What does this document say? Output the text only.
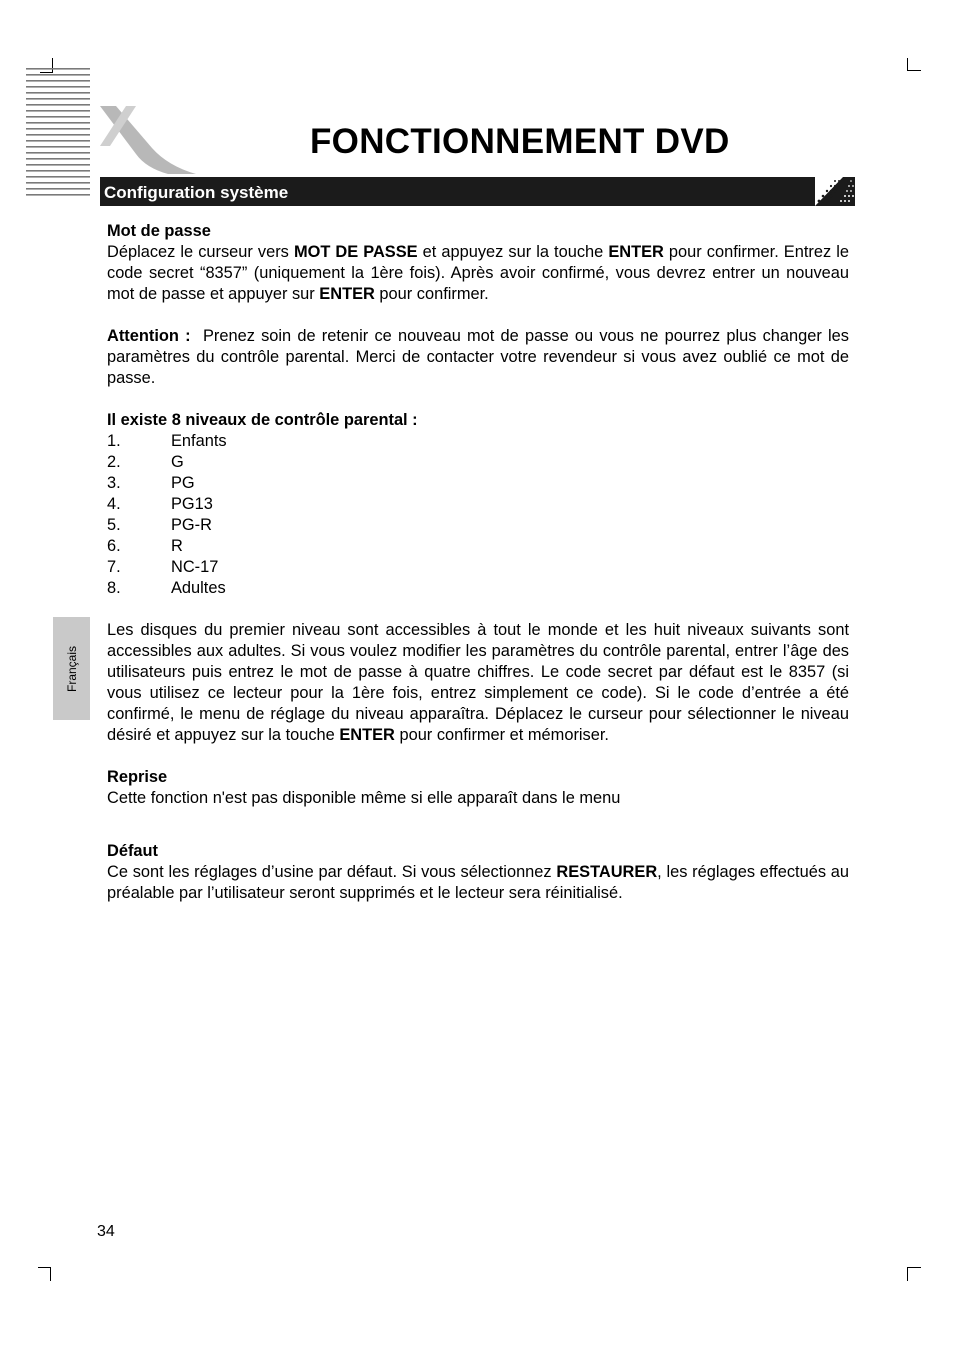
FONCTIONNEMENT DVD
Configuration système
Français

Mot de passe

Déplacez le curseur vers MOT DE PASSE et appuyez sur la touche ENTER pour confirmer. Entrez le code secret “8357” (uniquement la 1ère fois). Après avoir confirmé, vous devrez entrer un nouveau mot de passe et appuyer sur ENTER pour confirmer.

Attention :  Prenez soin de retenir ce nouveau mot de passe ou vous ne pourrez plus changer les paramètres du contrôle parental. Merci de contacter votre revendeur si vous avez oublié ce mot de passe.

Il existe 8 niveaux de contrôle parental :

1.	Enfants
2.	G
3.	PG
4.	PG13
5.	PG-R
6.	R
7.	NC-17
8.	Adultes

Les disques du premier niveau sont accessibles à tout le monde et les huit niveaux suivants sont accessibles aux adultes. Si vous voulez modifier les paramètres du contrôle parental, entrer l’âge des utilisateurs puis entrez le mot de passe à quatre chiffres. Le code secret par défaut est le 8357 (si vous utilisez ce lecteur pour la 1ère fois, entrez simplement ce code). Si le code d’entrée a été confirmé, le menu de réglage du niveau apparaîtra. Déplacez le curseur pour sélectionner le niveau désiré et appuyez sur la touche ENTER pour confirmer et mémoriser.

Reprise

Cette fonction n'est pas disponible même si elle apparaît dans le menu

Défaut

Ce sont les réglages d’usine par défaut. Si vous sélectionnez RESTAURER, les réglages effectués au préalable par l’utilisateur seront supprimés et le lecteur sera réinitialisé.

34
